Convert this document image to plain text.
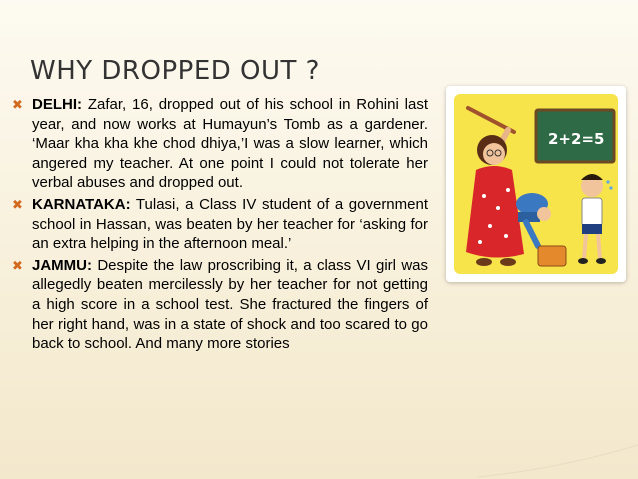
WHY DROPPED OUT ?
✖ DELHI: Zafar, 16, dropped out of his school in Rohini last year, and now works at Humayun’s Tomb as a gardener. ‘Maar kha kha khe chod dhiya,’I was a slow learner, which angered my teacher. At one point I could not tolerate her verbal abuses and dropped out.
✖ KARNATAKA: Tulasi, a Class IV student of a government school in Hassan, was beaten by her teacher for ‘asking for an extra helping in the afternoon meal.’
✖ JAMMU: Despite the law proscribing it, a class VI girl was allegedly beaten mercilessly by her teacher for not getting a high score in a school test. She fractured the fingers of her right hand, was in a state of shock and too scared to go back to school. And many more stories
2+2=5
